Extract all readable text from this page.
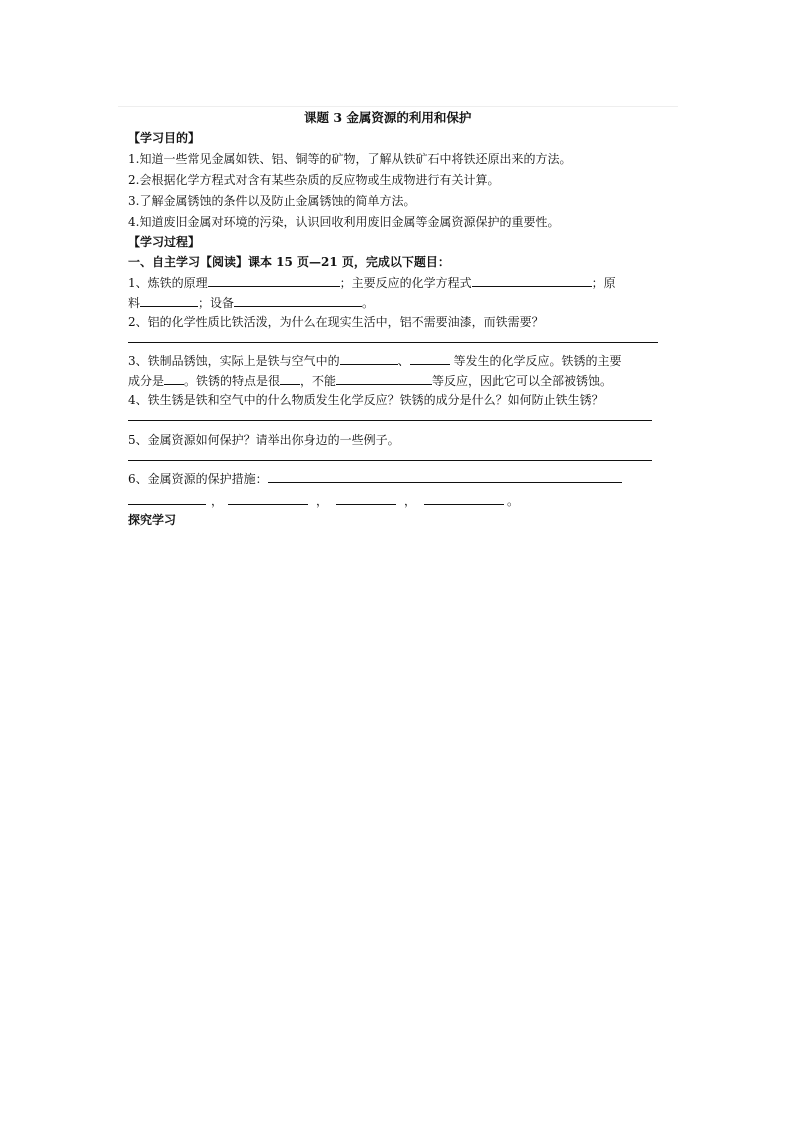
课题 3 金属资源的利用和保护
【学习目的】
1.知道一些常见金属如铁、铝、铜等的矿物，了解从铁矿石中将铁还原出来的方法。
2.会根据化学方程式对含有某些杂质的反应物或生成物进行有关计算。
3.了解金属锈蚀的条件以及防止金属锈蚀的简单方法。
4.知道废旧金属对环境的污染，认识回收利用废旧金属等金属资源保护的重要性。
【学习过程】
一、自主学习【阅读】课本 15 页—21 页，完成以下题目：
1、炼铁的原理	；主要反应的化学方程式	；原
料	；设备	。
2、铝的化学性质比铁活泼，为什么在现实生活中，铝不需要油漆，而铁需要？
3、铁制品锈蚀，实际上是铁与空气中的	、	等发生的化学反应。铁锈的主要
成分是 。铁锈的特点是很 ，不能	等反应，因此它可以全部被锈蚀。
4、铁生锈是铁和空气中的什么物质发生化学反应？铁锈的成分是什么？如何防止铁生锈？
5、金属资源如何保护？请举出你身边的一些例子。
6、金属资源的保护措施：
，	，	，	。
探究学习
